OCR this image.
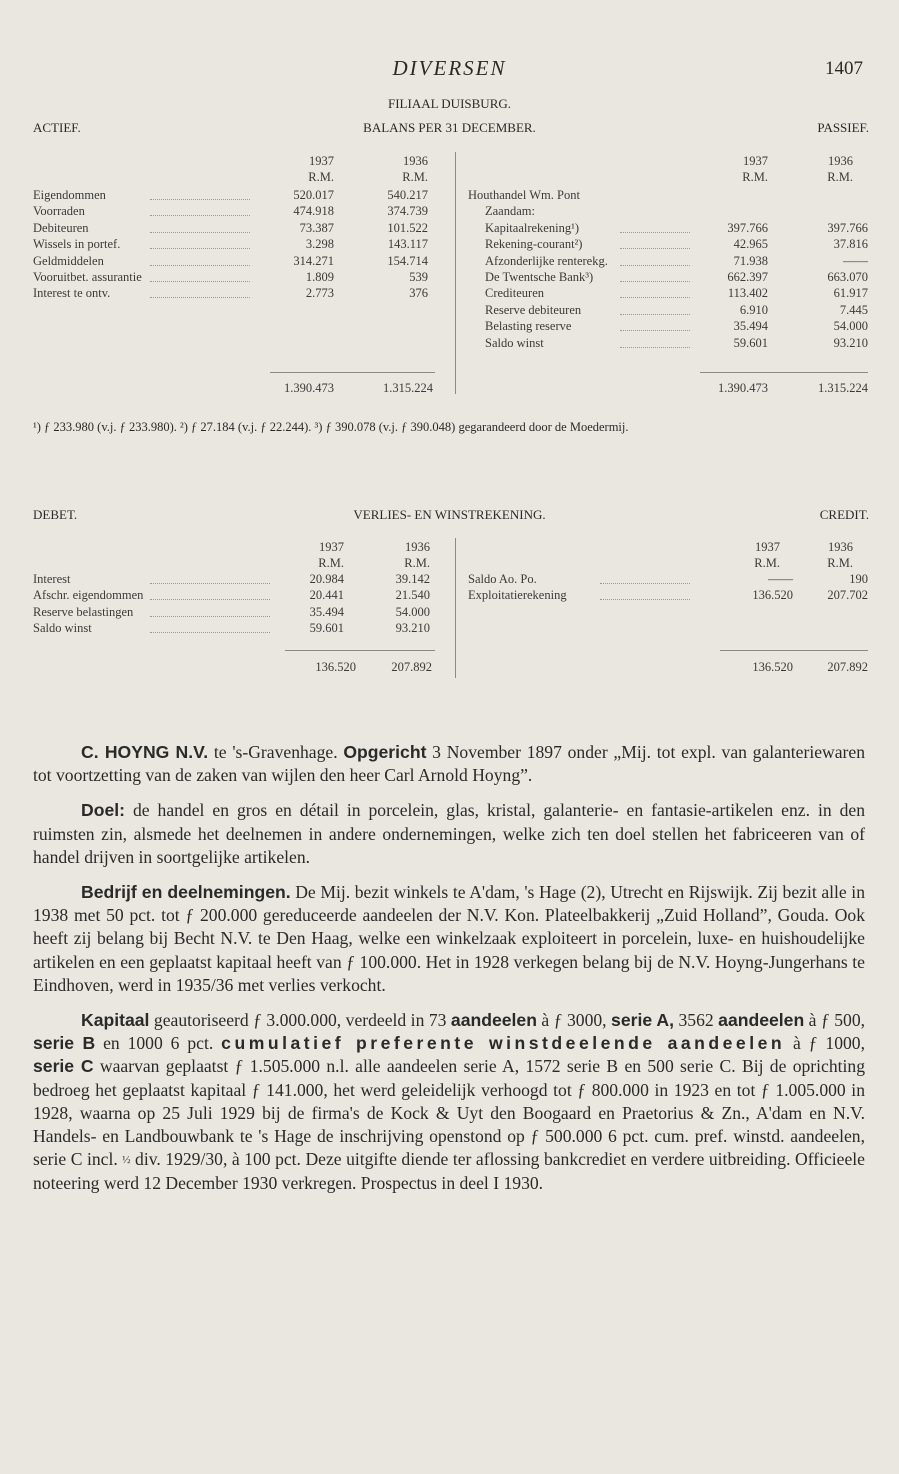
DIVERSEN	1407
FILIAAL DUISBURG.
BALANS PER 31 DECEMBER.
ACTIEF.	PASSIEF.
1937	1936
R.M.	R.M.
1937	1936
R.M.	R.M.
Eigendommen	520.017	540.217
Voorraden	474.918	374.739
Debiteuren	73.387	101.522
Wissels in portef.	3.298	143.117
Geldmiddelen	314.271	154.714
Vooruitbet. assurantie	1.809	539
Interest te ontv.	2.773	376
Houthandel Wm. Pont
Zaandam:
Kapitaalrekening¹)	397.766	397.766
Rekening-courant²)	42.965	37.816
Afzonderlijke renterekg.	71.938	——
De Twentsche Bank³)	662.397	663.070
Crediteuren	113.402	61.917
Reserve debiteuren	6.910	7.445
Belasting reserve	35.494	54.000
Saldo winst	59.601	93.210
1.390.473	1.315.224	1.390.473	1.315.224
¹) ƒ 233.980 (v.j. ƒ 233.980). ²) ƒ 27.184 (v.j. ƒ 22.244). ³) ƒ 390.078 (v.j. ƒ 390.048) gegarandeerd door de Moedermij.
DEBET.	VERLIES- EN WINSTREKENING.	CREDIT.
1937	1936
R.M.	R.M.
1937	1936
R.M.	R.M.
Interest	20.984	39.142
Afschr. eigendommen	20.441	21.540
Reserve belastingen	35.494	54.000
Saldo winst	59.601	93.210
Saldo Ao. Po.	——	190
Exploitatierekening	136.520	207.702
136.520	207.892	136.520	207.892

C. HOYNG N.V. te 's-Gravenhage. Opgericht 3 November 1897 onder „Mij. tot expl. van galanteriewaren tot voortzetting van de zaken van wijlen den heer Carl Arnold Hoyng”.

Doel: de handel en gros en détail in porcelein, glas, kristal, galanterie- en fantasie-artikelen enz. in den ruimsten zin, alsmede het deelnemen in andere ondernemingen, welke zich ten doel stellen het fabriceeren van of handel drijven in soortgelijke artikelen.

Bedrijf en deelnemingen. De Mij. bezit winkels te A'dam, 's Hage (2), Utrecht en Rijswijk. Zij bezit alle in 1938 met 50 pct. tot ƒ 200.000 gereduceerde aandeelen der N.V. Kon. Plateelbakkerij „Zuid Holland”, Gouda. Ook heeft zij belang bij Becht N.V. te Den Haag, welke een winkelzaak exploiteert in porcelein, luxe- en huishoudelijke artikelen en een geplaatst kapitaal heeft van ƒ 100.000. Het in 1928 verkegen belang bij de N.V. Hoyng-Jungerhans te Eindhoven, werd in 1935/36 met verlies verkocht.

Kapitaal geautoriseerd ƒ 3.000.000, verdeeld in 73 aandeelen à ƒ 3000, serie A, 3562 aandeelen à ƒ 500, serie B en 1000 6 pct. cumulatief preferente winstdeelende aandeelen à ƒ 1000, serie C waarvan geplaatst ƒ 1.505.000 n.l. alle aandeelen serie A, 1572 serie B en 500 serie C. Bij de oprichting bedroeg het geplaatst kapitaal ƒ 141.000, het werd geleidelijk verhoogd tot ƒ 800.000 in 1923 en tot ƒ 1.005.000 in 1928, waarna op 25 Juli 1929 bij de firma's de Kock & Uyt den Boogaard en Praetorius & Zn., A'dam en N.V. Handels- en Landbouwbank te 's Hage de inschrijving openstond op ƒ 500.000 6 pct. cum. pref. winstd. aandeelen, serie C incl. ½ div. 1929/30, à 100 pct. Deze uitgifte diende ter aflossing bankcrediet en verdere uitbreiding. Officieele noteering werd 12 December 1930 verkregen. Prospectus in deel I 1930.
